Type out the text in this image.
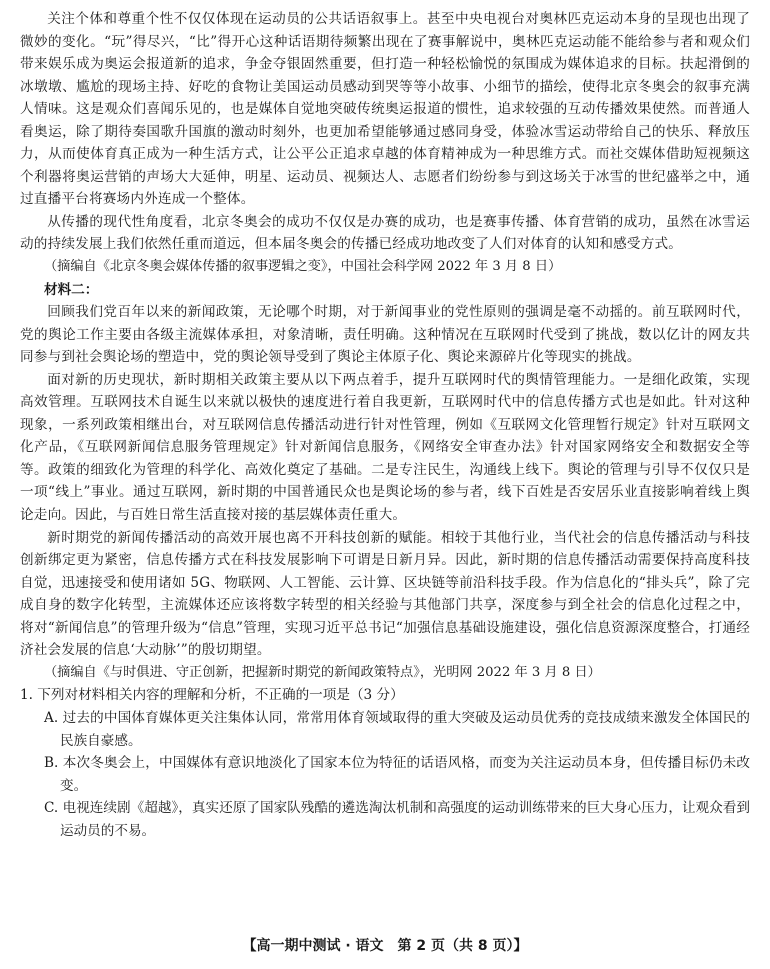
关注个体和尊重个性不仅仅体现在运动员的公共话语叙事上。甚至中央电视台对奥林匹克运动本身的呈现也出现了微妙的变化。“玩”得尽兴，“比”得开心这种话语期待频繁出现在了赛事解说中，奥林匹克运动能不能给参与者和观众们带来娱乐成为奥运会报道新的追求，争金夺银固然重要，但打造一种轻松愉悦的氛围成为媒体追求的目标。扶起滑倒的冰墩墩、尴尬的现场主持、好吃的食物让美国运动员感动到哭等等小故事、小细节的描绘，使得北京冬奥会的叙事充满人情味。这是观众们喜闻乐见的，也是媒体自觉地突破传统奥运报道的惯性，追求较强的互动传播效果使然。而普通人看奥运，除了期待奏国歌升国旗的激动时刻外，也更加希望能够通过感同身受，体验冰雪运动带给自己的快乐、释放压力，从而使体育真正成为一种生活方式，让公平公正追求卓越的体育精神成为一种思维方式。而社交媒体借助短视频这个利器将奥运营销的声场大大延伸，明星、运动员、视频达人、志愿者们纷纷参与到这场关于冰雪的世纪盛举之中，通过直播平台将赛场内外连成一个整体。

从传播的现代性角度看，北京冬奥会的成功不仅仅是办赛的成功，也是赛事传播、体育营销的成功，虽然在冰雪运动的持续发展上我们依然任重而道远，但本届冬奥会的传播已经成功地改变了人们对体育的认知和感受方式。

（摘编自《北京冬奥会媒体传播的叙事逻辑之变》，中国社会科学网 2022 年 3 月 8 日）

材料二：

回顾我们党百年以来的新闻政策，无论哪个时期，对于新闻事业的党性原则的强调是毫不动摇的。前互联网时代，党的舆论工作主要由各级主流媒体承担，对象清晰，责任明确。这种情况在互联网时代受到了挑战，数以亿计的网友共同参与到社会舆论场的塑造中，党的舆论领导受到了舆论主体原子化、舆论来源碎片化等现实的挑战。

面对新的历史现状，新时期相关政策主要从以下两点着手，提升互联网时代的舆情管理能力。一是细化政策，实现高效管理。互联网技术自诞生以来就以极快的速度进行着自我更新，互联网时代中的信息传播方式也是如此。针对这种现象，一系列政策相继出台，对互联网信息传播活动进行针对性管理，例如《互联网文化管理暂行规定》针对互联网文化产品，《互联网新闻信息服务管理规定》针对新闻信息服务，《网络安全审查办法》针对国家网络安全和数据安全等等。政策的细致化为管理的科学化、高效化奠定了基础。二是专注民生，沟通线上线下。舆论的管理与引导不仅仅只是一项“线上”事业。通过互联网，新时期的中国普通民众也是舆论场的参与者，线下百姓是否安居乐业直接影响着线上舆论走向。因此，与百姓日常生活直接对接的基层媒体责任重大。

新时期党的新闻传播活动的高效开展也离不开科技创新的赋能。相较于其他行业，当代社会的信息传播活动与科技创新绑定更为紧密，信息传播方式在科技发展影响下可谓是日新月异。因此，新时期的信息传播活动需要保持高度科技自觉，迅速接受和使用诸如 5G、物联网、人工智能、云计算、区块链等前沿科技手段。作为信息化的“排头兵”，除了完成自身的数字化转型，主流媒体还应该将数字转型的相关经验与其他部门共享，深度参与到全社会的信息化过程之中，将对“新闻信息”的管理升级为“信息”管理，实现习近平总书记“加强信息基础设施建设，强化信息资源深度整合，打通经济社会发展的信息‘大动脉’”的殷切期望。

（摘编自《与时俱进、守正创新，把握新时期党的新闻政策特点》，光明网 2022 年 3 月 8 日）

1. 下列对材料相关内容的理解和分析，不正确的一项是（3 分）

A. 过去的中国体育媒体更关注集体认同，常常用体育领域取得的重大突破及运动员优秀的竞技成绩来激发全体国民的民族自豪感。

B. 本次冬奥会上，中国媒体有意识地淡化了国家本位为特征的话语风格，而变为关注运动员本身，但传播目标仍未改变。

C. 电视连续剧《超越》，真实还原了国家队残酷的遴选淘汰机制和高强度的运动训练带来的巨大身心压力，让观众看到运动员的不易。

【高一期中测试 · 语文　第 2 页（共 8 页）】
